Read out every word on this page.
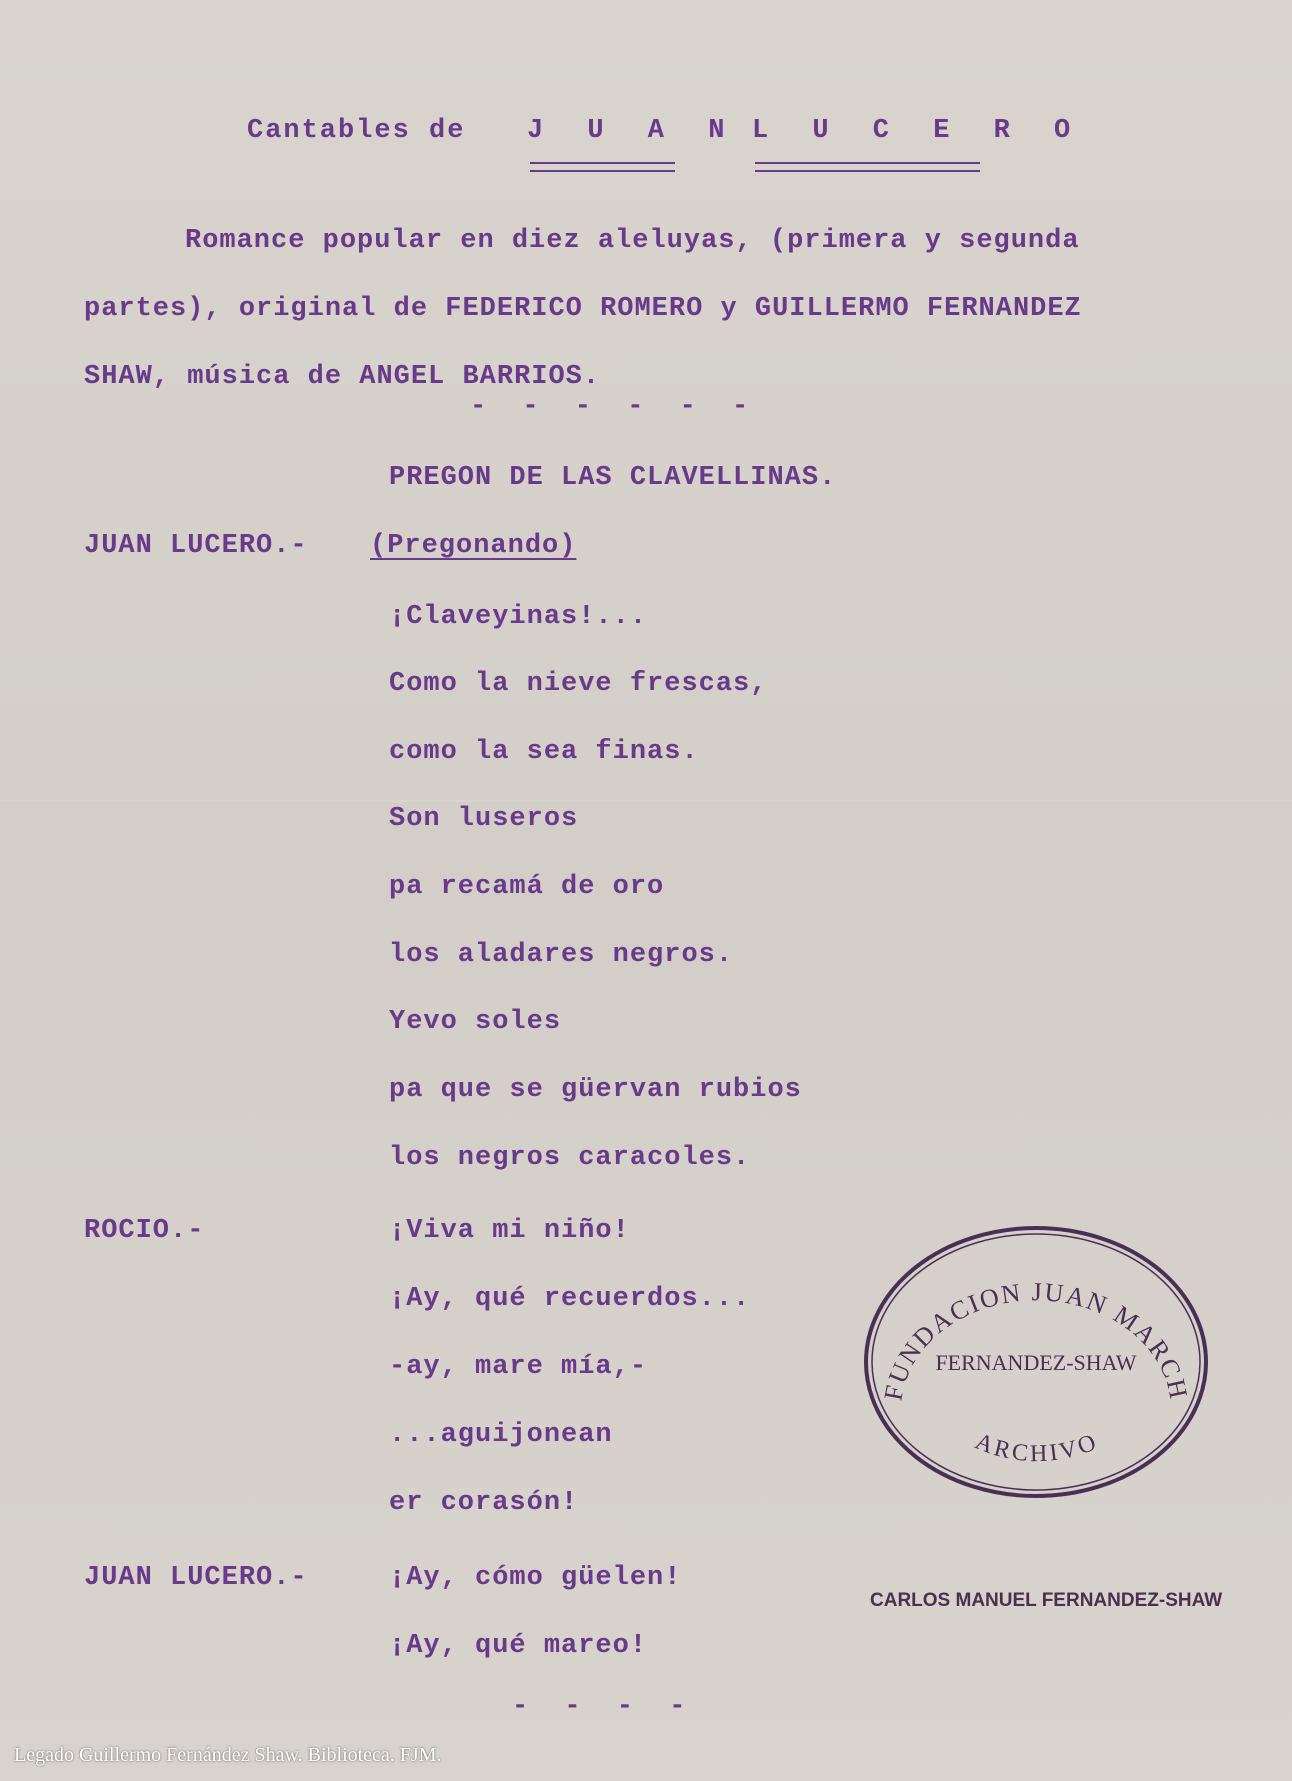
Cantables de J U A N L U C E R O
Romance popular en diez aleluyas, (primera y segunda
partes), original de FEDERICO ROMERO y GUILLERMO FERNANDEZ
SHAW, música de ANGEL BARRIOS.
- - - - - -
PREGON DE LAS CLAVELLINAS.
JUAN LUCERO.- (Pregonando)
¡Claveyinas!...
Como la nieve frescas,
como la sea finas.
Son luseros
pa recamá de oro
los aladares negros.
Yevo soles
pa que se güervan rubios
los negros caracoles.
ROCIO.-	¡Viva mi niño!
¡Ay, qué recuerdos...
-ay, mare mía,-
...aguijonean
er corasón!
JUAN LUCERO.-	¡Ay, cómo güelen!
¡Ay, qué mareo!
- - - -
FUNDACION JUAN MARCH
FERNANDEZ-SHAW
ARCHIVO
CARLOS MANUEL FERNANDEZ-SHAW
Legado Guillermo Fernández Shaw. Biblioteca. FJM.
